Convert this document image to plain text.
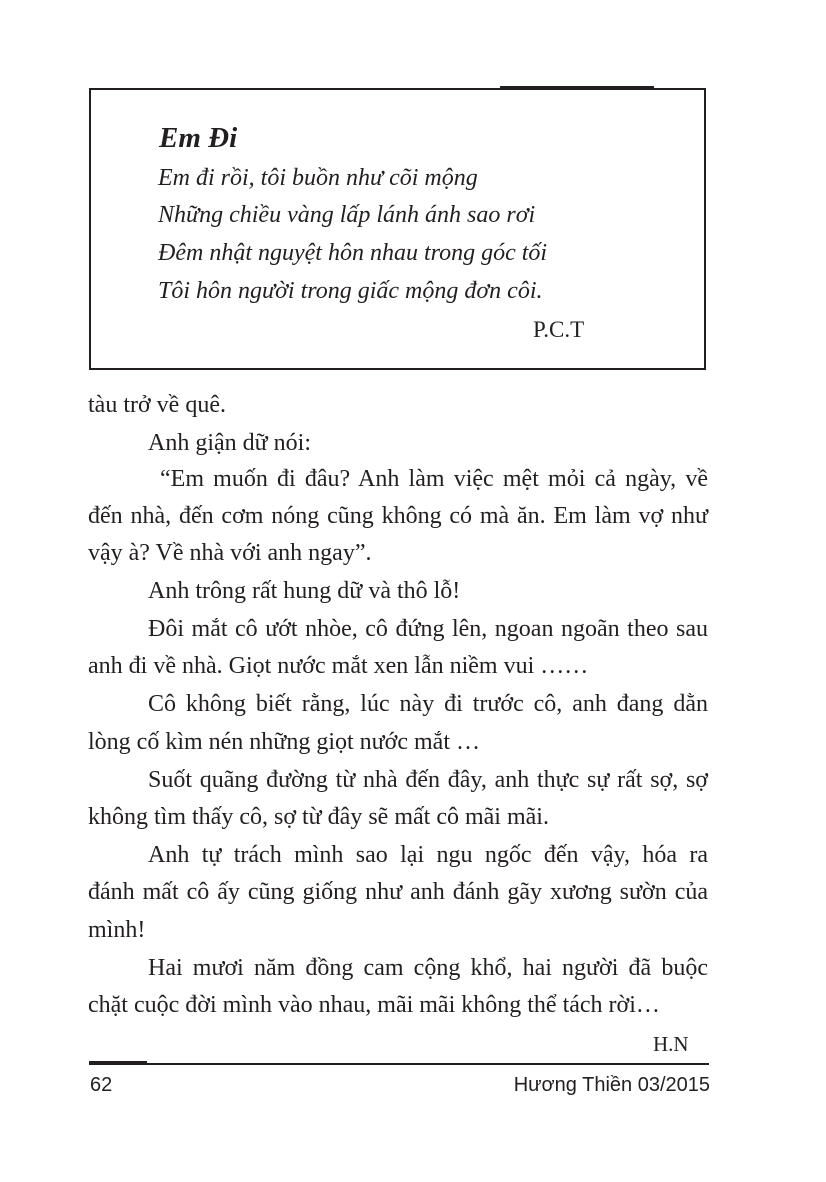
Em Đi
Em đi rồi, tôi buồn như cõi mộng
Những chiều vàng lấp lánh ánh sao rơi
Đêm nhật nguyệt hôn nhau trong góc tối
Tôi hôn người trong giấc mộng đơn côi.
P.C.T
tàu trở về quê.
Anh giận dữ nói:
“Em muốn đi đâu? Anh làm việc mệt mỏi cả ngày, về
đến nhà, đến cơm nóng cũng không có mà ăn. Em làm vợ như
vậy à? Về nhà với anh ngay”.
Anh trông rất hung dữ và thô lỗ!
Đôi mắt cô ướt nhòe, cô đứng lên, ngoan ngoãn theo sau
anh đi về nhà. Giọt nước mắt xen lẫn niềm vui ……
Cô không biết rằng, lúc này đi trước cô, anh đang dằn
lòng cố kìm nén những giọt nước mắt …
Suốt quãng đường từ nhà đến đây, anh thực sự rất sợ, sợ
không tìm thấy cô, sợ từ đây sẽ mất cô mãi mãi.
Anh tự trách mình sao lại ngu ngốc đến vậy, hóa ra
đánh mất cô ấy cũng giống như anh đánh gãy xương sườn của
mình!
Hai mươi năm đồng cam cộng khổ, hai người đã buộc
chặt cuộc đời mình vào nhau, mãi mãi không thể tách rời…
H.N
62	Hương Thiền 03/2015
